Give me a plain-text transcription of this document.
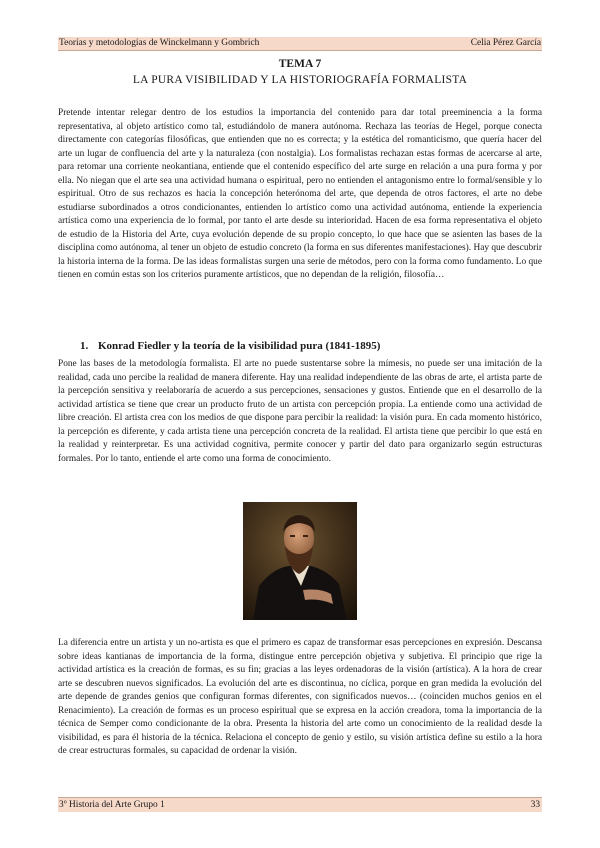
Teorías y metodologías de Winckelmann y Gombrich	Celia Pérez García
TEMA 7
LA PURA VISIBILIDAD Y LA HISTORIOGRAFÍA FORMALISTA

Pretende intentar relegar dentro de los estudios la importancia del contenido para dar total preeminencia a la forma representativa, al objeto artístico como tal, estudiándolo de manera autónoma. Rechaza las teorías de Hegel, porque conecta directamente con categorías filosóficas, que entienden que no es correcta; y la estética del romanticismo, que quería hacer del arte un lugar de confluencia del arte y la naturaleza (con nostalgia). Los formalistas rechazan estas formas de acercarse al arte, para retomar una corriente neokantiana, entiende que el contenido específico del arte surge en relación a una pura forma y por ella. No niegan que el arte sea una actividad humana o espiritual, pero no entienden el antagonismo entre lo formal/sensible y lo espiritual. Otro de sus rechazos es hacia la concepción heterónoma del arte, que dependa de otros factores, el arte no debe estudiarse subordinados a otros condicionantes, entienden lo artístico como una actividad autónoma, entiende la experiencia artística como una experiencia de lo formal, por tanto el arte desde su interioridad. Hacen de esa forma representativa el objeto de estudio de la Historia del Arte, cuya evolución depende de su propio concepto, lo que hace que se asienten las bases de la disciplina como autónoma, al tener un objeto de estudio concreto (la forma en sus diferentes manifestaciones). Hay que descubrir la historia interna de la forma. De las ideas formalistas surgen una serie de métodos, pero con la forma como fundamento. Lo que tienen en común estas son los criterios puramente artísticos, que no dependan de la religión, filosofía…

1. Konrad Fiedler y la teoría de la visibilidad pura (1841-1895)

Pone las bases de la metodología formalista. El arte no puede sustentarse sobre la mímesis, no puede ser una imitación de la realidad, cada uno percibe la realidad de manera diferente. Hay una realidad independiente de las obras de arte, el artista parte de la percepción sensitiva y reelaboraría de acuerdo a sus percepciones, sensaciones y gustos. Entiende que en el desarrollo de la actividad artística se tiene que crear un producto fruto de un artista con percepción propia. La entiende como una actividad de libre creación. El artista crea con los medios de que dispone para percibir la realidad: la visión pura. En cada momento histórico, la percepción es diferente, y cada artista tiene una percepción concreta de la realidad. El artista tiene que percibir lo que está en la realidad y reinterpretar. Es una actividad cognitiva, permite conocer y partir del dato para organizarlo según estructuras formales. Por lo tanto, entiende el arte como una forma de conocimiento.

La diferencia entre un artista y un no-artista es que el primero es capaz de transformar esas percepciones en expresión. Descansa sobre ideas kantianas de importancia de la forma, distingue entre percepción objetiva y subjetiva. El principio que rige la actividad artística es la creación de formas, es su fin; gracias a las leyes ordenadoras de la visión (artística). A la hora de crear arte se descubren nuevos significados. La evolución del arte es discontinua, no cíclica, porque en gran medida la evolución del arte depende de grandes genios que configuran formas diferentes, con significados nuevos… (coinciden muchos genios en el Renacimiento). La creación de formas es un proceso espiritual que se expresa en la acción creadora, toma la importancia de la técnica de Semper como condicionante de la obra. Presenta la historia del arte como un conocimiento de la realidad desde la visibilidad, es para él historia de la técnica. Relaciona el concepto de genio y estilo, su visión artística define su estilo a la hora de crear estructuras formales, su capacidad de ordenar la visión.

3º Historia del Arte Grupo 1	33
